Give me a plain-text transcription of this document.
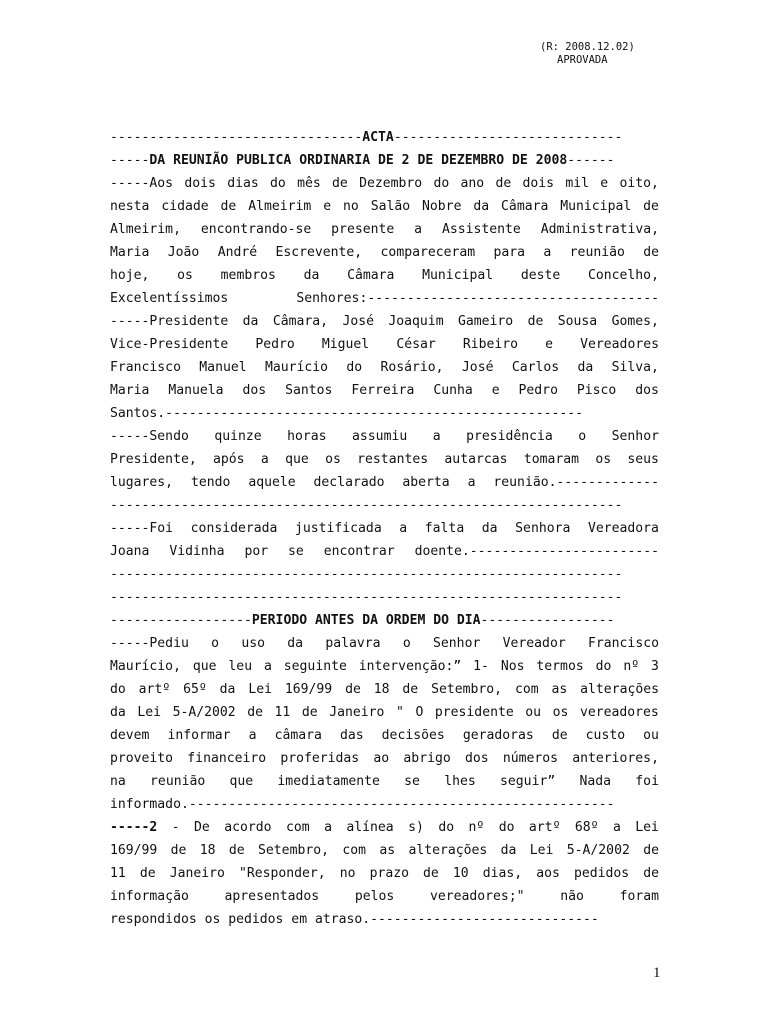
(R: 2008.12.02)
APROVADA
--------------------------------ACTA-----------------------------
-----DA REUNIÃO PUBLICA ORDINARIA DE 2 DE DEZEMBRO DE 2008------
-----Aos dois dias do mês de Dezembro do ano de dois mil e oito,
nesta cidade de Almeirim e no Salão Nobre da Câmara Municipal de
Almeirim, encontrando-se presente a Assistente Administrativa,
Maria João André Escrevente, compareceram para a reunião de
hoje, os membros da Câmara Municipal deste Concelho,
Excelentíssimos	Senhores:-------------------------------------
-----Presidente da Câmara, José Joaquim Gameiro de Sousa Gomes,
Vice-Presidente Pedro Miguel César Ribeiro e Vereadores
Francisco Manuel Maurício do Rosário, José Carlos da Silva,
Maria Manuela dos Santos Ferreira Cunha e Pedro Pisco dos
Santos.-----------------------------------------------------
-----Sendo quinze horas assumiu a presidência o Senhor
Presidente, após a que os restantes autarcas tomaram os seus
lugares, tendo aquele declarado aberta a reunião.-------------
-----------------------------------------------------------------
-----Foi considerada justificada a falta da Senhora Vereadora
Joana Vidinha por se encontrar doente.------------------------
-----------------------------------------------------------------
-----------------------------------------------------------------
------------------PERIODO ANTES DA ORDEM DO DIA-----------------
-----Pediu o uso da palavra o Senhor Vereador Francisco
Maurício, que leu a seguinte intervenção:” 1- Nos termos do nº 3
do artº 65º da Lei 169/99 de 18 de Setembro, com as alterações
da Lei 5-A/2002 de 11 de Janeiro " O presidente ou os vereadores
devem informar a câmara das decisões geradoras de custo ou
proveito financeiro proferidas ao abrigo dos números anteriores,
na reunião que imediatamente se lhes seguir” Nada foi
informado.------------------------------------------------------
-----2 - De acordo com a alínea s) do nº do artº 68º a Lei
169/99 de 18 de Setembro, com as alterações da Lei 5-A/2002 de
11 de Janeiro "Responder, no prazo de 10 dias, aos pedidos de
informação	apresentados	pelos	vereadores;"	não	foram
respondidos os pedidos em atraso.-----------------------------
1
